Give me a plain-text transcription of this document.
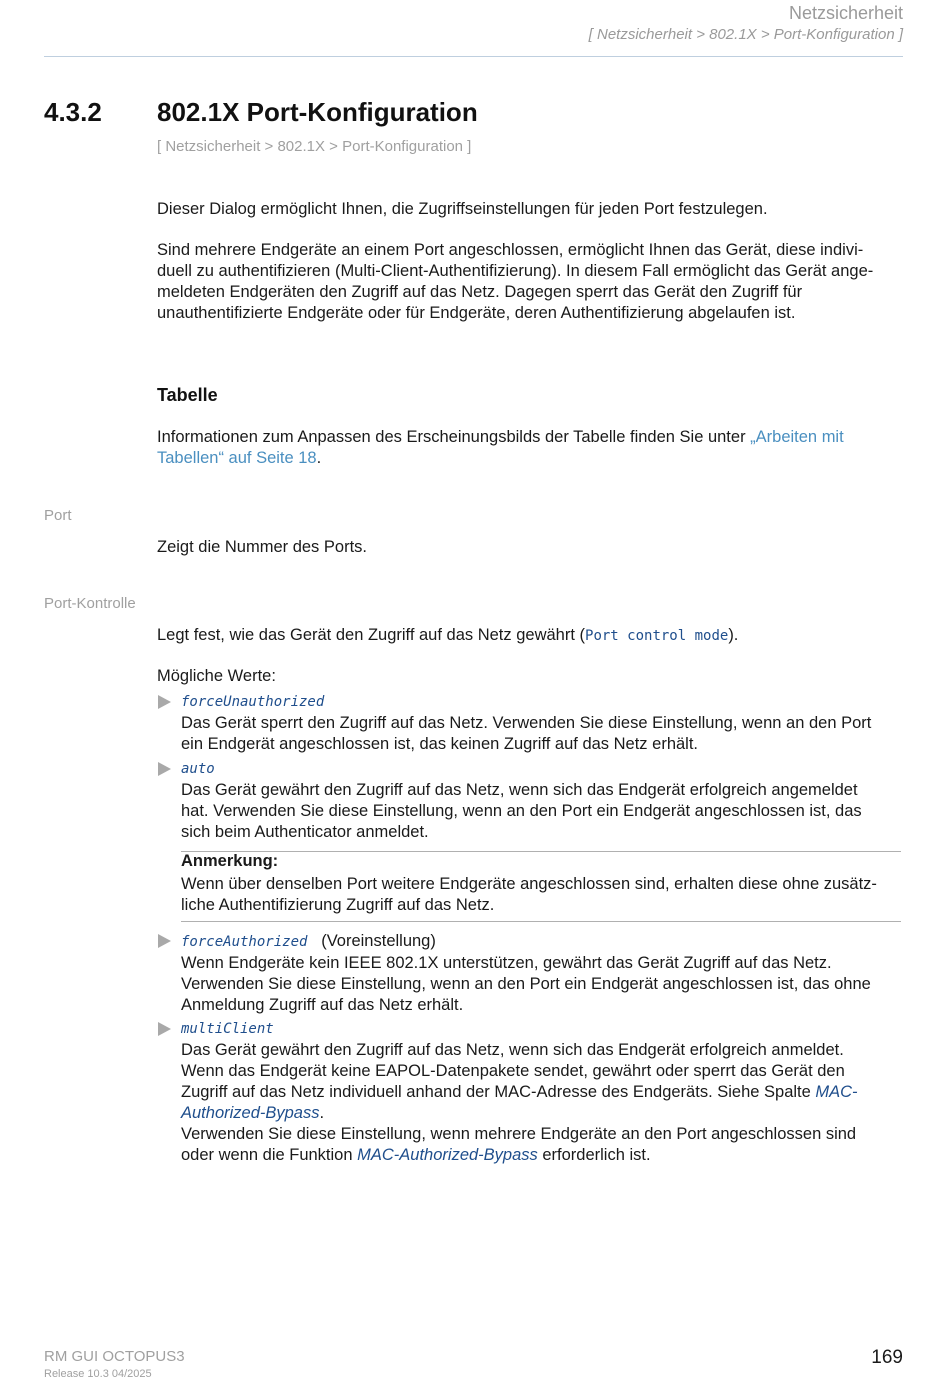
Netzsicherheit
[ Netzsicherheit > 802.1X > Port-Konfiguration ]
4.3.2 802.1X Port-Konfiguration
[ Netzsicherheit > 802.1X > Port-Konfiguration ]
Dieser Dialog ermöglicht Ihnen, die Zugriffseinstellungen für jeden Port festzulegen.
Sind mehrere Endgeräte an einem Port angeschlossen, ermöglicht Ihnen das Gerät, diese indivi-
duell zu authentifizieren (Multi-Client-Authentifizierung). In diesem Fall ermöglicht das Gerät ange-
meldeten Endgeräten den Zugriff auf das Netz. Dagegen sperrt das Gerät den Zugriff für
unauthentifizierte Endgeräte oder für Endgeräte, deren Authentifizierung abgelaufen ist.
Tabelle
Informationen zum Anpassen des Erscheinungsbilds der Tabelle finden Sie unter „Arbeiten mit
Tabellen“ auf Seite 18.
Port
Zeigt die Nummer des Ports.
Port-Kontrolle
Legt fest, wie das Gerät den Zugriff auf das Netz gewährt (Port control mode).
Mögliche Werte:
forceUnauthorized
Das Gerät sperrt den Zugriff auf das Netz. Verwenden Sie diese Einstellung, wenn an den Port
ein Endgerät angeschlossen ist, das keinen Zugriff auf das Netz erhält.
auto
Das Gerät gewährt den Zugriff auf das Netz, wenn sich das Endgerät erfolgreich angemeldet
hat. Verwenden Sie diese Einstellung, wenn an den Port ein Endgerät angeschlossen ist, das
sich beim Authenticator anmeldet.
Anmerkung:
Wenn über denselben Port weitere Endgeräte angeschlossen sind, erhalten diese ohne zusätz-
liche Authentifizierung Zugriff auf das Netz.
forceAuthorized (Voreinstellung)
Wenn Endgeräte kein IEEE 802.1X unterstützen, gewährt das Gerät Zugriff auf das Netz.
Verwenden Sie diese Einstellung, wenn an den Port ein Endgerät angeschlossen ist, das ohne
Anmeldung Zugriff auf das Netz erhält.
multiClient
Das Gerät gewährt den Zugriff auf das Netz, wenn sich das Endgerät erfolgreich anmeldet.
Wenn das Endgerät keine EAPOL-Datenpakete sendet, gewährt oder sperrt das Gerät den
Zugriff auf das Netz individuell anhand der MAC-Adresse des Endgeräts. Siehe Spalte MAC-
Authorized-Bypass.
Verwenden Sie diese Einstellung, wenn mehrere Endgeräte an den Port angeschlossen sind
oder wenn die Funktion MAC-Authorized-Bypass erforderlich ist.
RM GUI OCTOPUS3
Release 10.3 04/2025
169
